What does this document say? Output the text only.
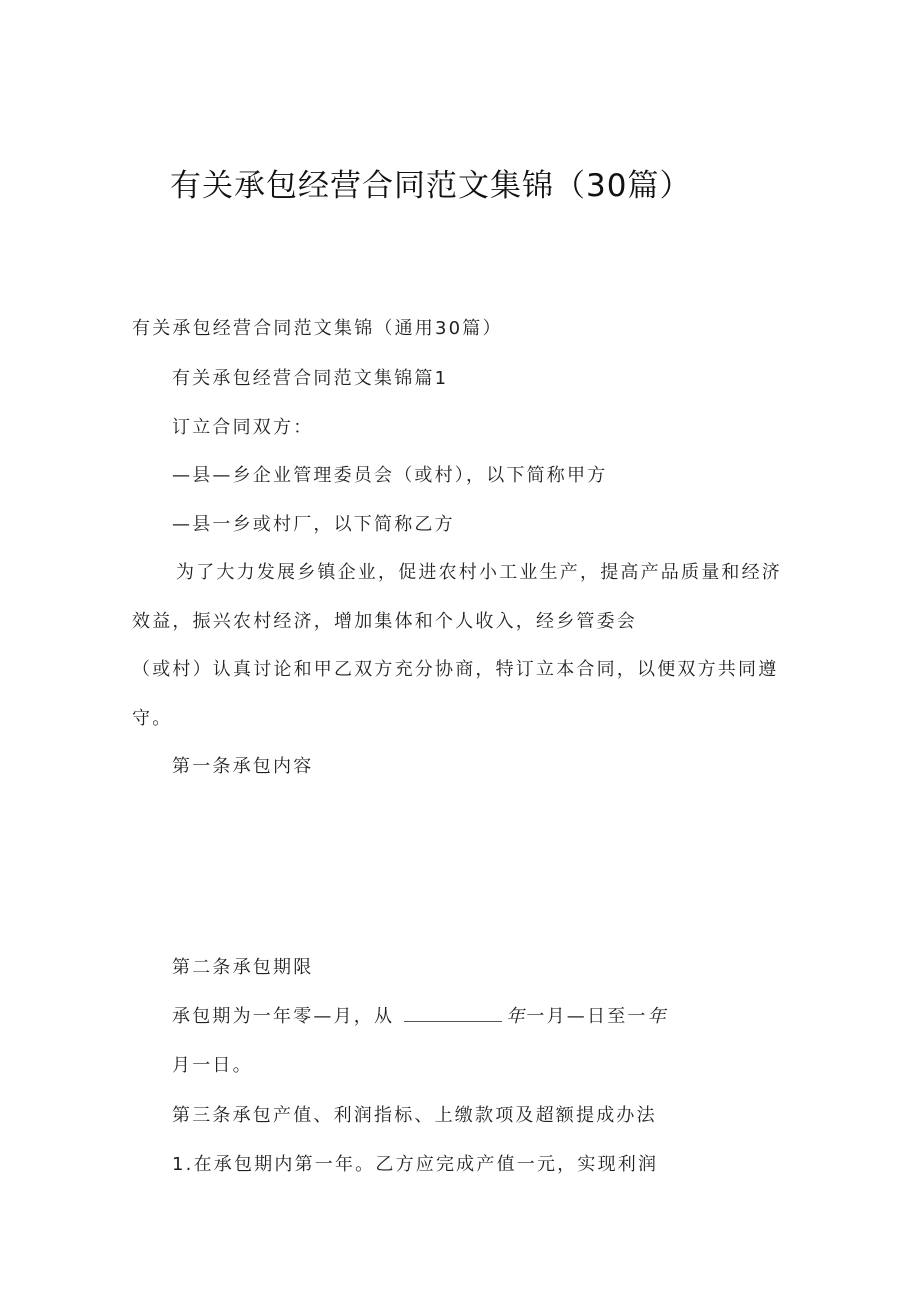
有关承包经营合同范文集锦（30篇）
有关承包经营合同范文集锦（通用30篇）
有关承包经营合同范文集锦篇1
订立合同双方：
—县—乡企业管理委员会（或村），以下简称甲方
—县一乡或村厂，以下简称乙方
为了大力发展乡镇企业，促进农村小工业生产，提高产品质量和经济
效益，振兴农村经济，增加集体和个人收入，经乡管委会
（或村）认真讨论和甲乙双方充分协商，特订立本合同，以便双方共同遵
守。
第一条承包内容
第二条承包期限
承包期为一年零—月，从	年一月—日至一年
月一日。
第三条承包产值、利润指标、上缴款项及超额提成办法
1.在承包期内第一年。乙方应完成产值一元，实现利润
